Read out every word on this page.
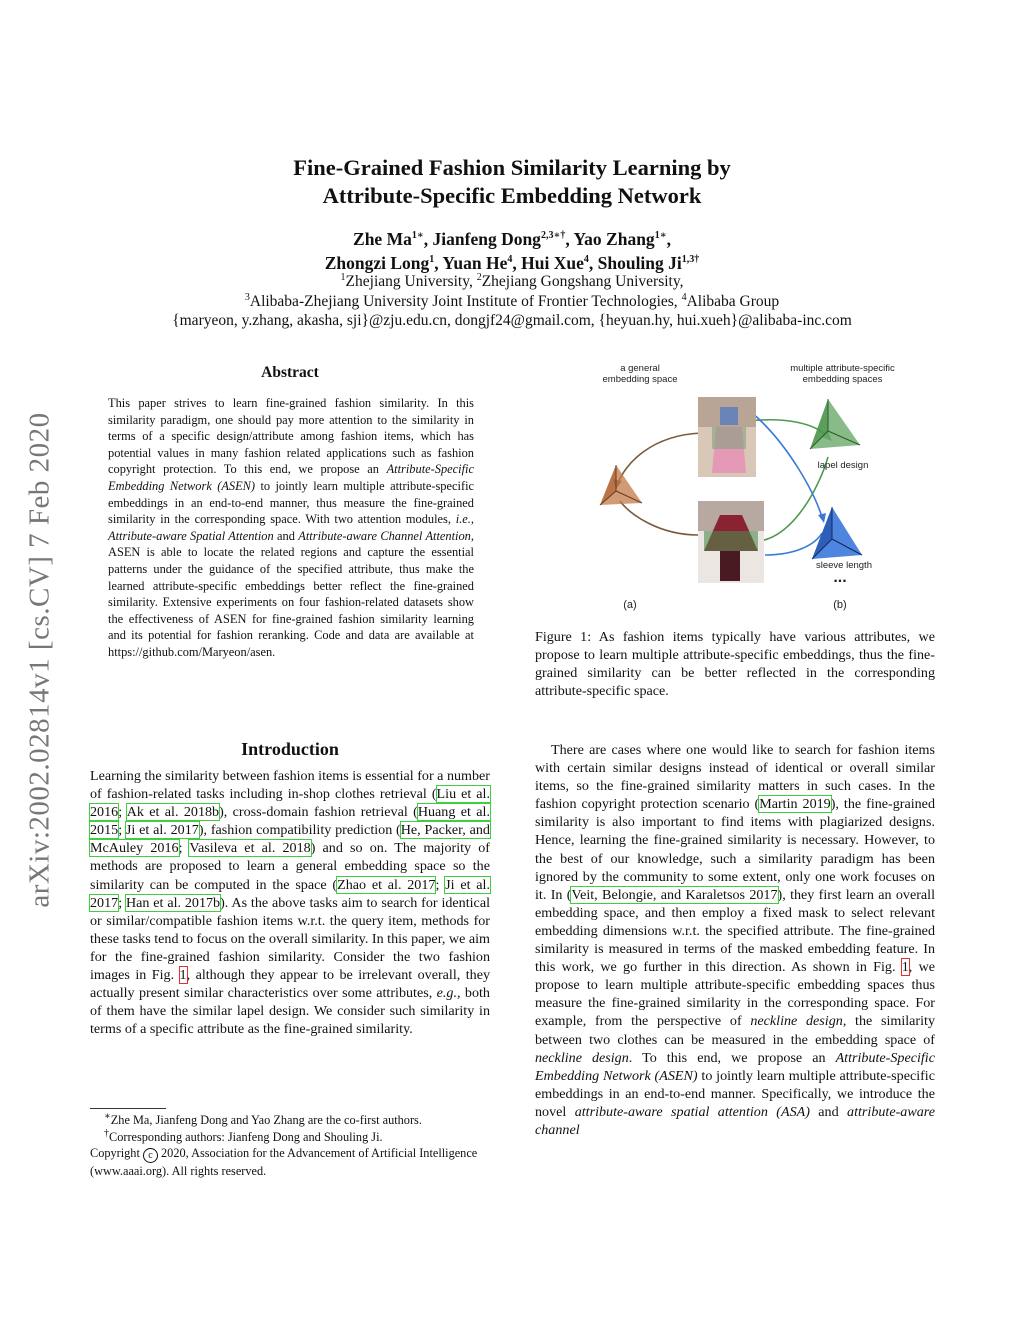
arXiv:2002.02814v1 [cs.CV] 7 Feb 2020
Fine-Grained Fashion Similarity Learning by
Attribute-Specific Embedding Network
Zhe $Ma^{1∗}$, Jianfeng Dong$^{2,3∗\dagger}$, Yao Zhang$^{1∗}$,
Zhongzi Long$^1$, Yuan He$^4$, Hui Xue$^4$, Shouling $Ji^{1,3\dagger}$
$^1$Zhejiang University, $^2$Zhejiang Gongshang University,
$^3$Alibaba-Zhejiang University Joint Institute of Frontier Technologies, $^4$Alibaba Group
{maryeon, y.zhang, akasha, sji}@zju.edu.cn, dongjf24@gmail.com, {heyuan.hy, hui.xueh}@alibaba-inc.com
Abstract
This paper strives to learn fine-grained fashion similarity. In this similarity paradigm, one should pay more attention to the similarity in terms of a specific design/attribute among fashion items, which has potential values in many fashion related applications such as fashion copyright protection. To this end, we propose an Attribute-Specific Embedding Network (ASEN) to jointly learn multiple attribute-specific embeddings in an end-to-end manner, thus measure the fine-grained similarity in the corresponding space. With two attention modules, i.e., Attribute-aware Spatial Attention and Attribute-aware Channel Attention, ASEN is able to locate the related regions and capture the essential patterns under the guidance of the specified attribute, thus make the learned attribute-specific embeddings better reflect the fine-grained similarity. Extensive experiments on four fashion-related datasets show the effectiveness of ASEN for fine-grained fashion similarity learning and its potential for fashion reranking. Code and data are available at https://github.com/Maryeon/asen.
Introduction
Learning the similarity between fashion items is essential for a number of fashion-related tasks including in-shop clothes retrieval (Liu et al. 2016; Ak et al. 2018b), cross-domain fashion retrieval (Huang et al. 2015; Ji et al. 2017), fashion compatibility prediction (He, Packer, and McAuley 2016; Vasileva et al. 2018) and so on. The majority of methods are proposed to learn a general embedding space so the similarity can be computed in the space (Zhao et al. 2017; Ji et al. 2017; Han et al. 2017b). As the above tasks aim to search for identical or similar/compatible fashion items w.r.t. the query item, methods for these tasks tend to focus on the overall similarity. In this paper, we aim for the fine-grained fashion similarity. Consider the two fashion images in Fig. 1, although they appear to be irrelevant overall, they actually present similar characteristics over some attributes, e.g., both of them have the similar lapel design. We consider such similarity in terms of a specific attribute as the fine-grained similarity.
∗Zhe Ma, Jianfeng Dong and Yao Zhang are the co-first authors.
†Corresponding authors: Jianfeng Dong and Shouling Ji.
Copyright c 2020, Association for the Advancement of Artificial Intelligence (www.aaai.org). All rights reserved.
a general
embedding space
multiple attribute-specific
embedding spaces
lapel design
sleeve length
...
(a)	(b)
Figure 1: As fashion items typically have various attributes, we propose to learn multiple attribute-specific embeddings, thus the fine-grained similarity can be better reflected in the corresponding attribute-specific space.
There are cases where one would like to search for fashion items with certain similar designs instead of identical or overall similar items, so the fine-grained similarity matters in such cases. In the fashion copyright protection scenario (Martin 2019), the fine-grained similarity is also important to find items with plagiarized designs. Hence, learning the fine-grained similarity is necessary. However, to the best of our knowledge, such a similarity paradigm has been ignored by the community to some extent, only one work focuses on it. In (Veit, Belongie, and Karaletsos 2017), they first learn an overall embedding space, and then employ a fixed mask to select relevant embedding dimensions w.r.t. the specified attribute. The fine-grained similarity is measured in terms of the masked embedding feature. In this work, we go further in this direction. As shown in Fig. 1, we propose to learn multiple attribute-specific embedding spaces thus measure the fine-grained similarity in the corresponding space. For example, from the perspective of neckline design, the similarity between two clothes can be measured in the embedding space of neckline design. To this end, we propose an Attribute-Specific Embedding Network (ASEN) to jointly learn multiple attribute-specific embeddings in an end-to-end manner. Specifically, we introduce the novel attribute-aware spatial attention (ASA) and attribute-aware channel
